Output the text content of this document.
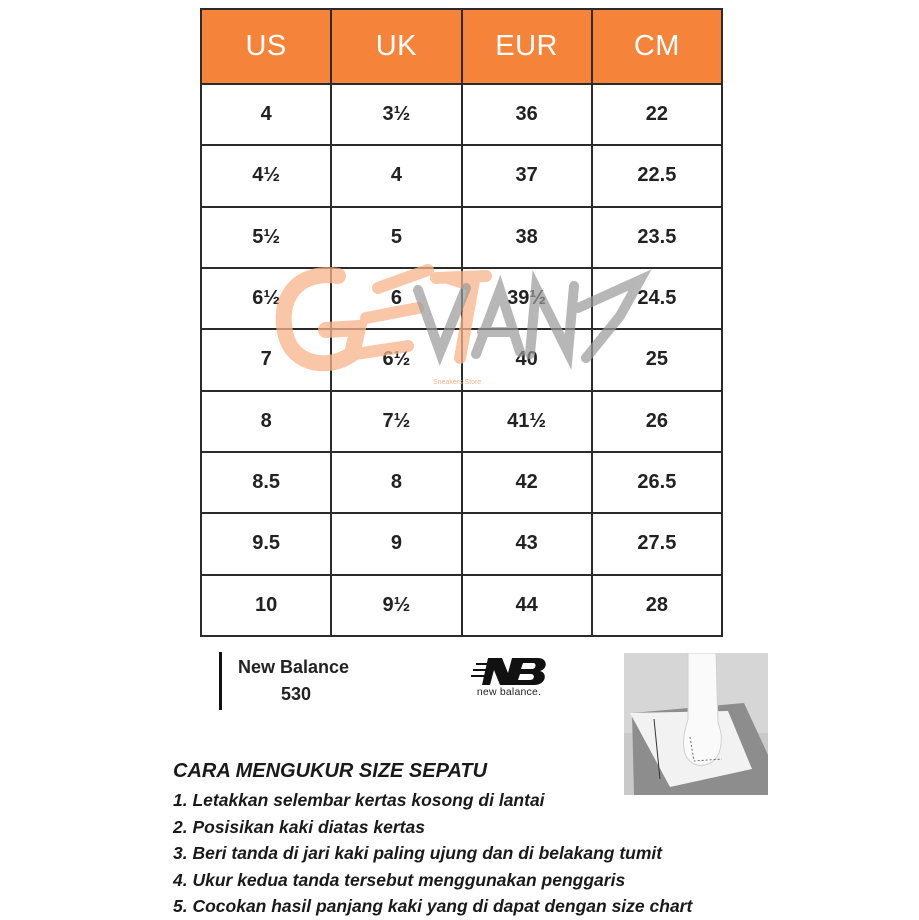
US	UK	EUR	CM
4	3½	36	22
4½	4	37	22.5
5½	5	38	23.5
6½	6	39½	24.5
7	6½	40	25
8	7½	41½	26
8.5	8	42	26.5
9.5	9	43	27.5
10	9½	44	28
Sneakers Store
New Balance
530	new balance.
CARA MENGUKUR SIZE SEPATU
1. Letakkan selembar kertas kosong di lantai
2. Posisikan kaki diatas kertas
3. Beri tanda di jari kaki paling ujung dan di belakang tumit
4. Ukur kedua tanda tersebut menggunakan penggaris
5. Cocokan hasil panjang kaki yang di dapat dengan size chart
